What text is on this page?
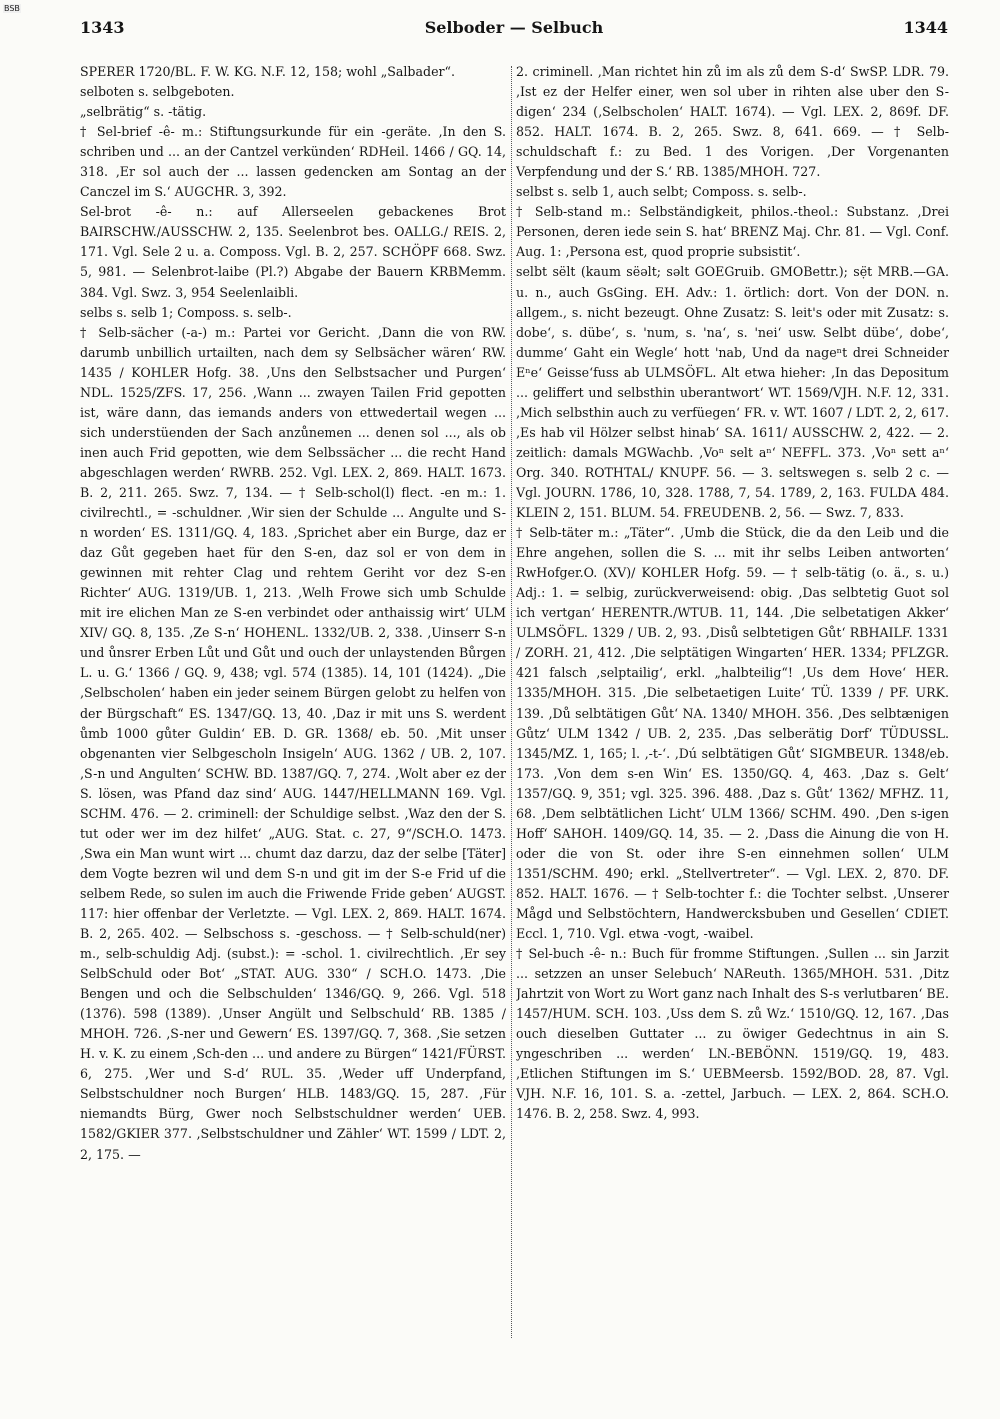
BSB
1343	Selboder — Selbuch	1344
SPERER 1720/BL. F. W. KG. N.F. 12, 158; wohl „Salbader“.
selboten s. selbgeboten.
„selbrätig“ s. -tätig.
† Sel-brief -ê- m.: Stiftungsurkunde für ein -geräte. ‚In den S. schriben und ... an der Cantzel verkünden‘ RDHeil. 1466 / GQ. 14, 318. ‚Er sol auch der ... lassen gedencken am Sontag an der Canczel im S.‘ AUGCHR. 3, 392.
Sel-brot -ê- n.: auf Allerseelen gebackenes Brot BAIRSCHW./AUSSCHW. 2, 135. Seelenbrot bes. OALLG./ REIS. 2, 171. Vgl. Sele 2 u. a. Composs. Vgl. B. 2, 257. SCHÖPF 668. Swz. 5, 981. — Selenbrot-laibe (Pl.?) Abgabe der Bauern KRBMemm. 384. Vgl. Swz. 3, 954 Seelenlaibli.
selbs s. selb 1; Composs. s. selb-.
† Selb-sächer (-a-) m.: Partei vor Gericht. ‚Dann die von RW. darumb unbillich urtailten, nach dem sy Selbsächer wären‘ RW. 1435 / KOHLER Hofg. 38. ‚Uns den Selbstsacher und Purgen‘ NDL. 1525/ZFS. 17, 256. ‚Wann ... zwayen Tailen Frid gepotten ist, wäre dann, das iemands anders von ettwedertail wegen ... sich understüenden der Sach anzůnemen ... denen sol ..., als ob inen auch Frid gepotten, wie dem Selbssächer ... die recht Hand abgeschlagen werden‘ RWRB. 252. Vgl. LEX. 2, 869. HALT. 1673. B. 2, 211. 265. Swz. 7, 134. — † Selb-schol(l) flect. -en m.: 1. civilrechtl., = -schuldner. ‚Wir sien der Schulde ... Angulte und S-n worden‘ ES. 1311/GQ. 4, 183. ‚Sprichet aber ein Burge, daz er daz Gůt gegeben haet für den S-en, daz sol er von dem in gewinnen mit rehter Clag und rehtem Geriht vor dez S-en Richter‘ AUG. 1319/UB. 1, 213. ‚Welh Frowe sich umb Schulde mit ire elichen Man ze S-en verbindet oder anthaissig wirt‘ ULM XIV/ GQ. 8, 135. ‚Ze S-n‘ HOHENL. 1332/UB. 2, 338. ‚Uinserr S-n und ůnsrer Erben Lůt und Gůt und ouch der unlaystenden Bůrgen L. u. G.‘ 1366 / GQ. 9, 438; vgl. 574 (1385). 14, 101 (1424). „Die ‚Selbscholen‘ haben ein jeder seinem Bürgen gelobt zu helfen von der Bürgschaft“ ES. 1347/GQ. 13, 40. ‚Daz ir mit uns S. werdent ůmb 1000 gůter Guldin‘ EB. D. GR. 1368/ eb. 50. ‚Mit unser obgenanten vier Selbgescholn Insigeln‘ AUG. 1362 / UB. 2, 107. ‚S-n und Angulten‘ SCHW. BD. 1387/GQ. 7, 274. ‚Wolt aber ez der S. lösen, was Pfand daz sind‘ AUG. 1447/HELLMANN 169. Vgl. SCHM. 476. — 2. criminell: der Schuldige selbst. ‚Waz den der S. tut oder wer im dez hilfet‘ „AUG. Stat. c. 27, 9“/SCH.O. 1473. ‚Swa ein Man wunt wirt ... chumt daz darzu, daz der selbe [Täter] dem Vogte bezren wil und dem S-n und git im der S-e Frid uf die selbem Rede, so sulen im auch die Friwende Fride geben‘ AUGST. 117: hier offenbar der Verletzte. — Vgl. LEX. 2, 869. HALT. 1674. B. 2, 265. 402. — Selbschoss s. -geschoss. — † Selb-schuld(ner) m., selb-schuldig Adj. (subst.): = -schol. 1. civilrechtlich. ‚Er sey SelbSchuld oder Bot‘ „STAT. AUG. 330“ / SCH.O. 1473. ‚Die Bengen und och die Selbschulden‘ 1346/GQ. 9, 266. Vgl. 518 (1376). 598 (1389). ‚Unser Angült und Selbschuld‘ RB. 1385 / MHOH. 726. ‚S-ner und Gewern‘ ES. 1397/GQ. 7, 368. ‚Sie setzen H. v. K. zu einem ‚Sch-den ... und andere zu Bürgen“ 1421/FÜRST. 6, 275. ‚Wer und S-d‘ RUL. 35. ‚Weder uff Underpfand, Selbstschuldner noch Burgen‘ HLB. 1483/GQ. 15, 287. ‚Für niemandts Bürg, Gwer noch Selbstschuldner werden‘ UEB. 1582/GKIER 377. ‚Selbstschuldner und Zähler‘ WT. 1599 / LDT. 2, 2, 175. —
2. criminell. ‚Man richtet hin zů im als zů dem S-d‘ SwSP. LDR. 79. ‚Ist ez der Helfer einer, wen sol uber in rihten alse uber den S-digen‘ 234 (‚Selbscholen‘ HALT. 1674). — Vgl. LEX. 2, 869f. DF. 852. HALT. 1674. B. 2, 265. Swz. 8, 641. 669. — † Selb-schuldschaft f.: zu Bed. 1 des Vorigen. ‚Der Vorgenanten Verpfendung und der S.‘ RB. 1385/MHOH. 727.
selbst s. selb 1, auch selbt; Composs. s. selb-.
† Selb-stand m.: Selbständigkeit, philos.-theol.: Substanz. ‚Drei Personen, deren iede sein S. hat‘ BRENZ Maj. Chr. 81. — Vgl. Conf. Aug. 1: ‚Persona est, quod proprie subsistit‘.
selbt sëlt (kaum sëəlt; səlt GOEGruib. GMOBettr.); sẹ̈t MRB.—GA. u. n., auch GsGing. EH. Adv.: 1. örtlich: dort. Von der DON. n. allgem., s. nicht bezeugt. Ohne Zusatz: S. leit's oder mit Zusatz: s. dobe‘, s. dübe‘, s. 'num, s. 'na‘, s. 'nei‘ usw. Selbt dübe‘, dobe‘, dumme‘ Gaht ein Wegle‘ hott 'nab, Und da nageⁿt drei Schneider Eⁿe‘ Geisse‘fuss ab ULMSÖFL. Alt etwa hieher: ‚In das Depositum ... geliffert und selbsthin uberantwort‘ WT. 1569/VJH. N.F. 12, 331. ‚Mich selbsthin auch zu verfüegen‘ FR. v. WT. 1607 / LDT. 2, 2, 617. ‚Es hab vil Hölzer selbst hinab‘ SA. 1611/ AUSSCHW. 2, 422. — 2. zeitlich: damals MGWachb. ‚Voⁿ selt aⁿ‘ NEFFL. 373. ‚Voⁿ sett aⁿ‘ Org. 340. ROTHTAL/ KNUPF. 56. — 3. seltswegen s. selb 2 c. — Vgl. JOURN. 1786, 10, 328. 1788, 7, 54. 1789, 2, 163. FULDA 484. KLEIN 2, 151. BLUM. 54. FREUDENB. 2, 56. — Swz. 7, 833.
† Selb-täter m.: „Täter“. ‚Umb die Stück, die da den Leib und die Ehre angehen, sollen die S. ... mit ihr selbs Leiben antworten‘ RwHofger.O. (XV)/ KOHLER Hofg. 59. — † selb-tätig (o. ä., s. u.) Adj.: 1. = selbig, zurückverweisend: obig. ‚Das selbtetig Guot sol ich vertgan‘ HERENTR./WTUB. 11, 144. ‚Die selbetatigen Akker‘ ULMSÖFL. 1329 / UB. 2, 93. ‚Disů selbtetigen Gůt‘ RBHAILF. 1331 / ZORH. 21, 412. ‚Die selptätigen Wingarten‘ HER. 1334; PFLZGR. 421 falsch ‚selptailig‘, erkl. „halbteilig“! ‚Us dem Hove‘ HER. 1335/MHOH. 315. ‚Die selbetaetigen Luite‘ TÜ. 1339 / PF. URK. 139. ‚Dů selbtätigen Gůt‘ NA. 1340/ MHOH. 356. ‚Des selbtænigen Gůtz‘ ULM 1342 / UB. 2, 235. ‚Das selberätig Dorf‘ TÜDUSSL. 1345/MZ. 1, 165; l. ‚-t-‘. ‚Dú selbtätigen Gůt‘ SIGMBEUR. 1348/eb. 173. ‚Von dem s-en Win‘ ES. 1350/GQ. 4, 463. ‚Daz s. Gelt‘ 1357/GQ. 9, 351; vgl. 325. 396. 488. ‚Daz s. Gůt‘ 1362/ MFHZ. 11, 68. ‚Dem selbtätlichen Licht‘ ULM 1366/ SCHM. 490. ‚Den s-igen Hoff‘ SAHOH. 1409/GQ. 14, 35. — 2. ‚Dass die Ainung die von H. oder die von St. oder ihre S-en einnehmen sollen‘ ULM 1351/SCHM. 490; erkl. „Stellvertreter“. — Vgl. LEX. 2, 870. DF. 852. HALT. 1676. — † Selb-tochter f.: die Tochter selbst. ‚Unserer Mågd und Selbstöchtern, Handwercksbuben und Gesellen‘ CDIET. Eccl. 1, 710. Vgl. etwa -vogt, -waibel.
† Sel-buch -ê- n.: Buch für fromme Stiftungen. ‚Sullen ... sin Jarzit ... setzzen an unser Selebuch‘ NAReuth. 1365/MHOH. 531. ‚Ditz Jahrtzit von Wort zu Wort ganz nach Inhalt des S-s verlutbaren‘ BE. 1457/HUM. SCH. 103. ‚Uss dem S. zů Wz.‘ 1510/GQ. 12, 167. ‚Das ouch dieselben Guttater ... zu öwiger Gedechtnus in ain S. yngeschriben ... werden‘ LN.-BEBÖNN. 1519/GQ. 19, 483. ‚Etlichen Stiftungen im S.‘ UEBMeersb. 1592/BOD. 28, 87. Vgl. VJH. N.F. 16, 101. S. a. -zettel, Jarbuch. — LEX. 2, 864. SCH.O. 1476. B. 2, 258. Swz. 4, 993.
